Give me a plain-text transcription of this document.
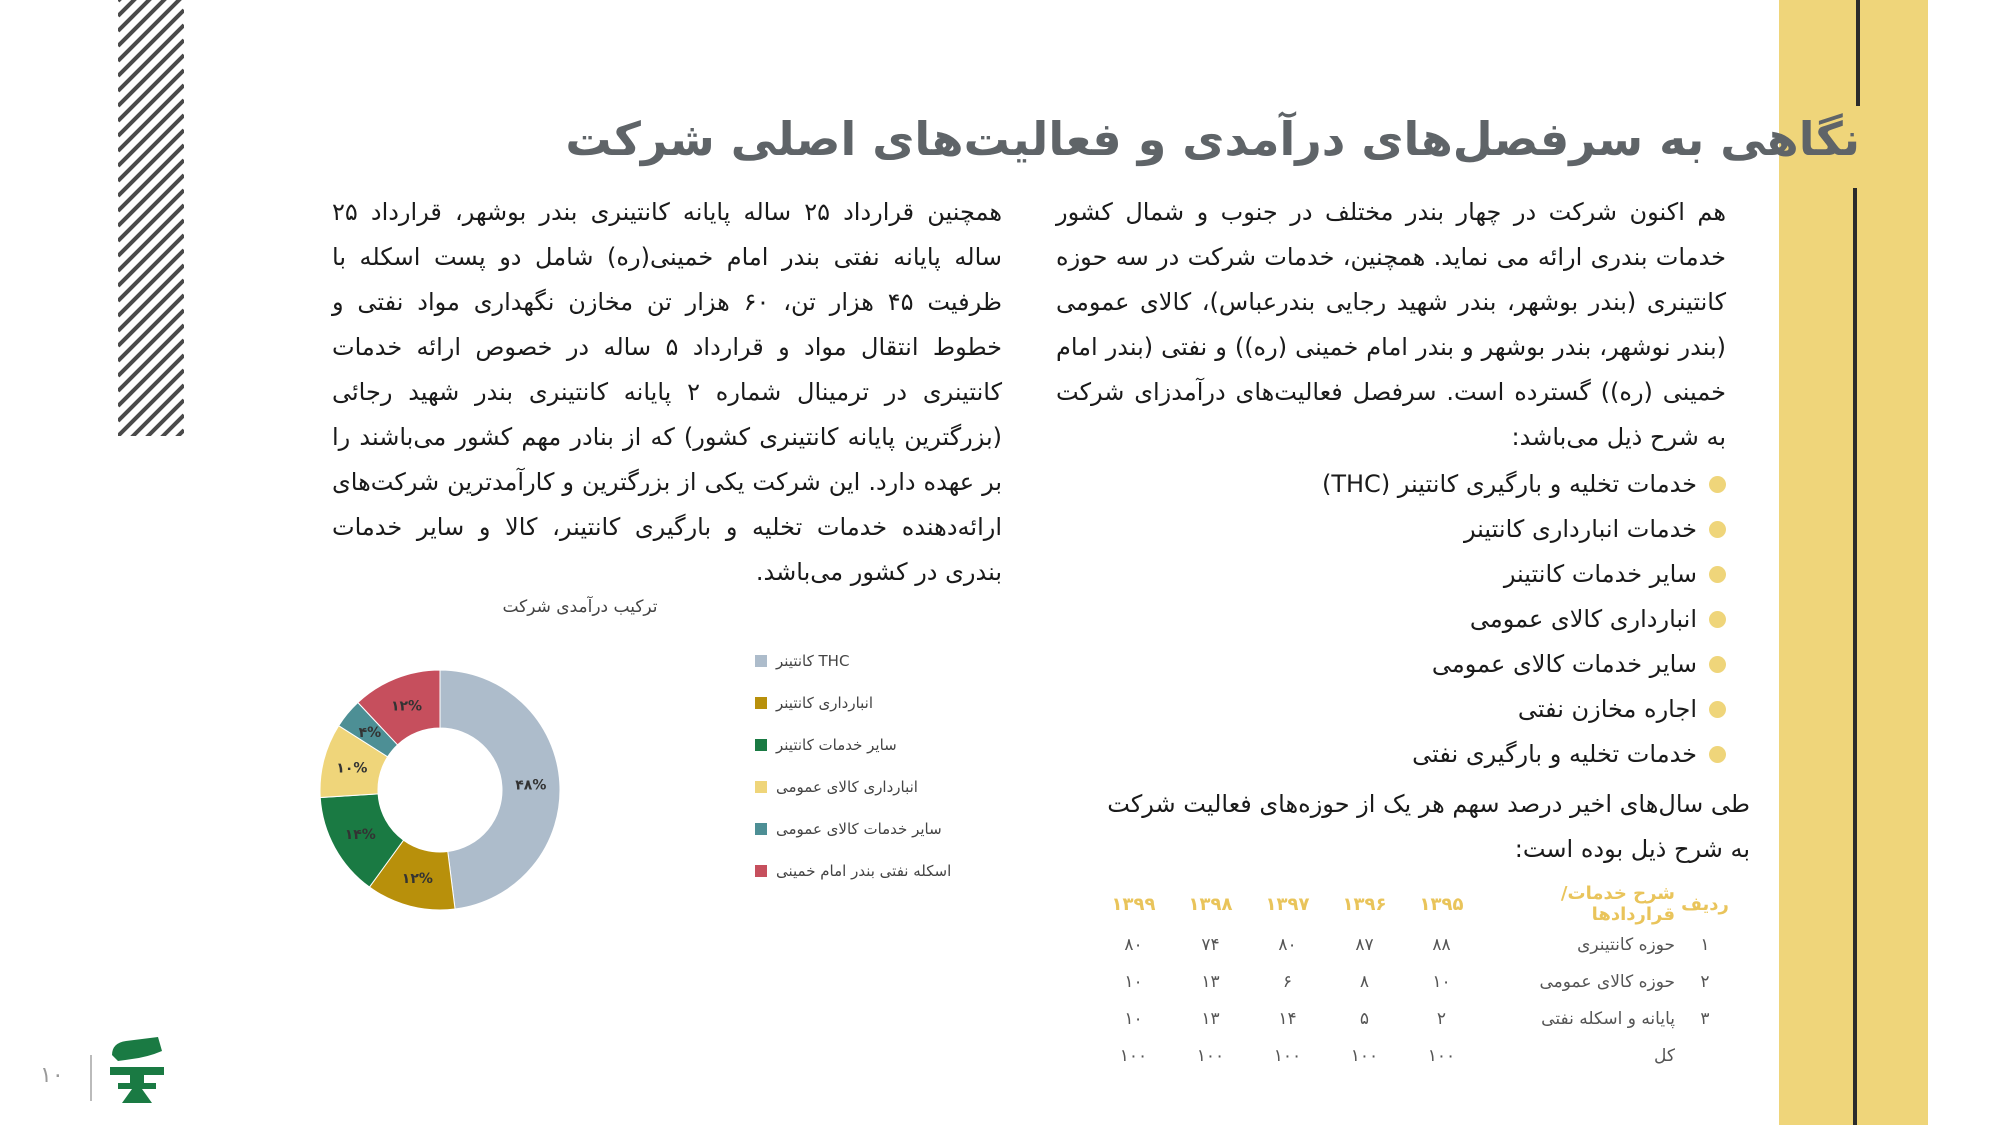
نگاهی به سرفصل‌های درآمدی و فعالیت‌های اصلی شرکت

هم اکنون شرکت در چهار بندر مختلف در جنوب و شمال کشور خدمات بندری ارائه می نماید. همچنین، خدمات شرکت در سه حوزه کانتینری (بندر بوشهر، بندر شهید رجایی بندرعباس)، کالای عمومی (بندر نوشهر، بندر بوشهر و بندر امام خمینی (ره)) و نفتی (بندر امام خمینی (ره)) گسترده است. سرفصل فعالیت‌های درآمدزای شرکت به شرح ذیل می‌باشد:

خدمات تخلیه و بارگیری کانتینر (THC)
خدمات انبارداری کانتینر
سایر خدمات کانتینر
انبارداری کالای عمومی
سایر خدمات کالای عمومی
اجاره مخازن نفتی
خدمات تخلیه و بارگیری نفتی

طی سال‌های اخیر درصد سهم هر یک از حوزه‌های فعالیت شرکت به شرح ذیل بوده است:

همچنین قرارداد ۲۵ ساله پایانه کانتینری بندر بوشهر، قرارداد ۲۵ ساله پایانه نفتی بندر امام خمینی(ره) شامل دو پست اسکله با ظرفیت ۴۵ هزار تن، ۶۰ هزار تن مخازن نگهداری مواد نفتی و خطوط انتقال مواد و قرارداد ۵ ساله در خصوص ارائه خدمات کانتینری در ترمینال شماره ۲ پایانه کانتینری بندر شهید رجائی (بزرگترین پایانه کانتینری کشور) که از بنادر مهم کشور می‌باشند را بر عهده دارد. این شرکت یکی از بزرگترین و کارآمدترین شرکت‌های ارائه‌دهنده خدمات تخلیه و بارگیری کانتینر، کالا و سایر خدمات بندری در کشور می‌باشد.

ردیف	شرح خدمات/قراردادها	۱۳۹۵	۱۳۹۶	۱۳۹۷	۱۳۹۸	۱۳۹۹
۱	حوزه کانتینری	۸۸	۸۷	۸۰	۷۴	۸۰
۲	حوزه کالای عمومی	۱۰	۸	۶	۱۳	۱۰
۳	پایانه و اسکله نفتی	۲	۵	۱۴	۱۳	۱۰
	کل	۱۰۰	۱۰۰	۱۰۰	۱۰۰	۱۰۰
ترکیب درآمدی شرکت
۴۸%
۱۲%
۱۴%
۱۰%
۴%
۱۲%
THC کانتینر
انبارداری کانتینر
سایر خدمات کانتینر
انبارداری کالای عمومی
سایر خدمات کالای عمومی
اسکله نفتی بندر امام خمینی
۱۰
